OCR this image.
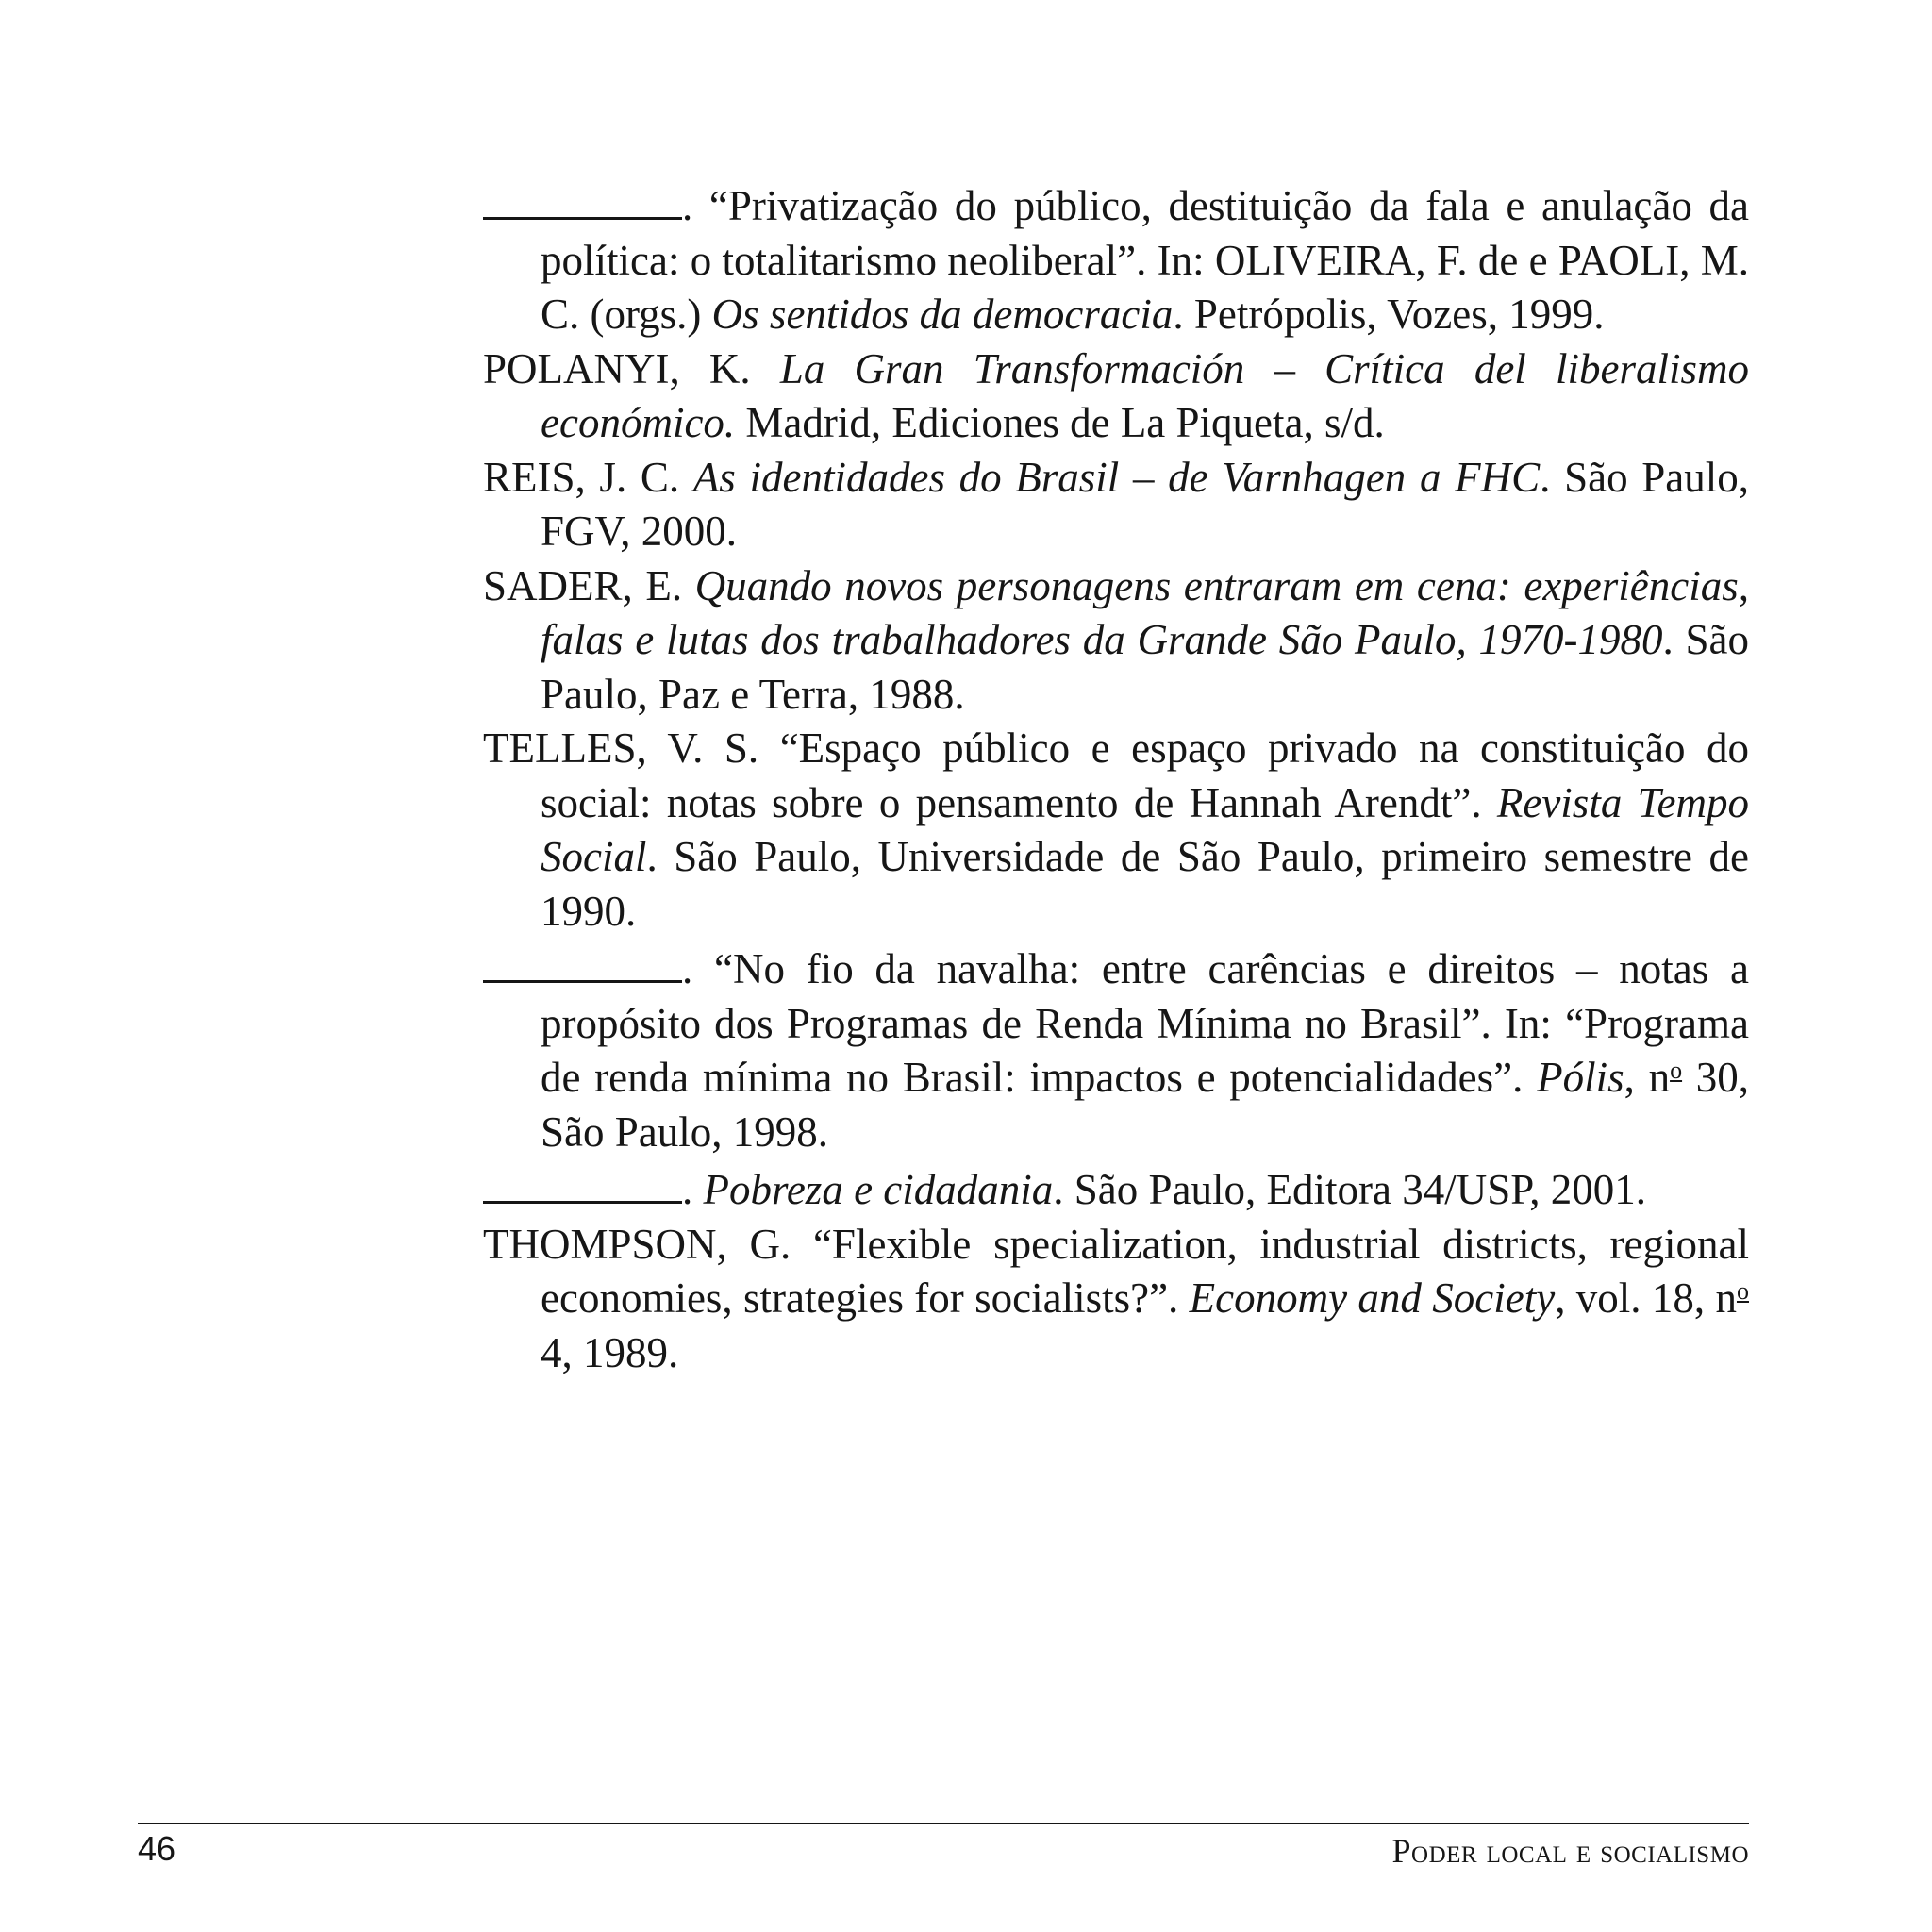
. “Privatização do público, destituição da fala e anulação da política: o totalitarismo neoliberal”. In: OLIVEIRA, F. de e PAOLI, M. C. (orgs.) Os sentidos da democracia. Petrópolis, Vozes, 1999.
POLANYI, K. La Gran Transformación – Crítica del liberalismo económico. Madrid, Ediciones de La Piqueta, s/d.
REIS, J. C. As identidades do Brasil – de Varnhagen a FHC. São Paulo, FGV, 2000.
SADER, E. Quando novos personagens entraram em cena: experiências, falas e lutas dos trabalhadores da Grande São Paulo, 1970-1980. São Paulo, Paz e Terra, 1988.
TELLES, V. S. “Espaço público e espaço privado na constituição do social: notas sobre o pensamento de Hannah Arendt”. Revista Tempo Social. São Paulo, Universidade de São Paulo, primeiro semestre de 1990.
. “No fio da navalha: entre carências e direitos – notas a propósito dos Programas de Renda Mínima no Brasil”. In: “Programa de renda mínima no Brasil: impactos e potencialidades”. Pólis, $n^o$ 30, São Paulo, 1998.
. Pobreza e cidadania. São Paulo, Editora 34/USP, 2001.
THOMPSON, G. “Flexible specialization, industrial districts, regional economies, strategies for socialists?”. Economy and Society, vol. 18, $n^o$ 4, 1989.
46	Poder local e socialismo
